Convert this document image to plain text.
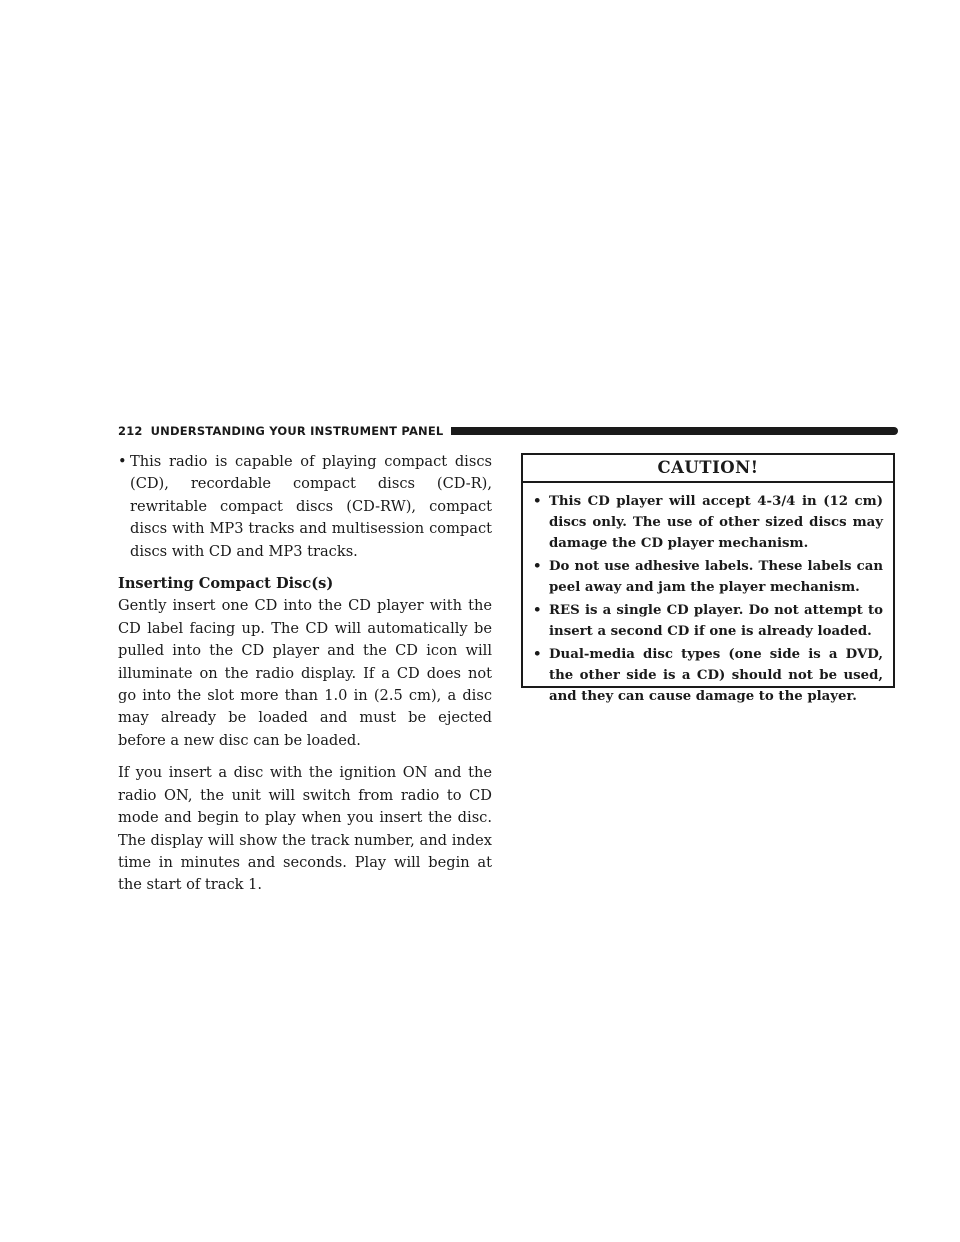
212 UNDERSTANDING YOUR INSTRUMENT PANEL
• This radio is capable of playing compact discs (CD), recordable compact discs (CD-R), rewritable compact discs (CD-RW), compact discs with MP3 tracks and multisession compact discs with CD and MP3 tracks.
Inserting Compact Disc(s)

Gently insert one CD into the CD player with the CD label facing up. The CD will automatically be pulled into the CD player and the CD icon will illuminate on the radio display. If a CD does not go into the slot more than 1.0 in (2.5 cm), a disc may already be loaded and must be ejected before a new disc can be loaded.

If you insert a disc with the ignition ON and the radio ON, the unit will switch from radio to CD mode and begin to play when you insert the disc. The display will show the track number, and index time in minutes and seconds. Play will begin at the start of track 1.

CAUTION!
• This CD player will accept 4-3/4 in (12 cm) discs only. The use of other sized discs may damage the CD player mechanism.
• Do not use adhesive labels. These labels can peel away and jam the player mechanism.
• RES is a single CD player. Do not attempt to insert a second CD if one is already loaded.
• Dual-media disc types (one side is a DVD, the other side is a CD) should not be used, and they can cause damage to the player.
